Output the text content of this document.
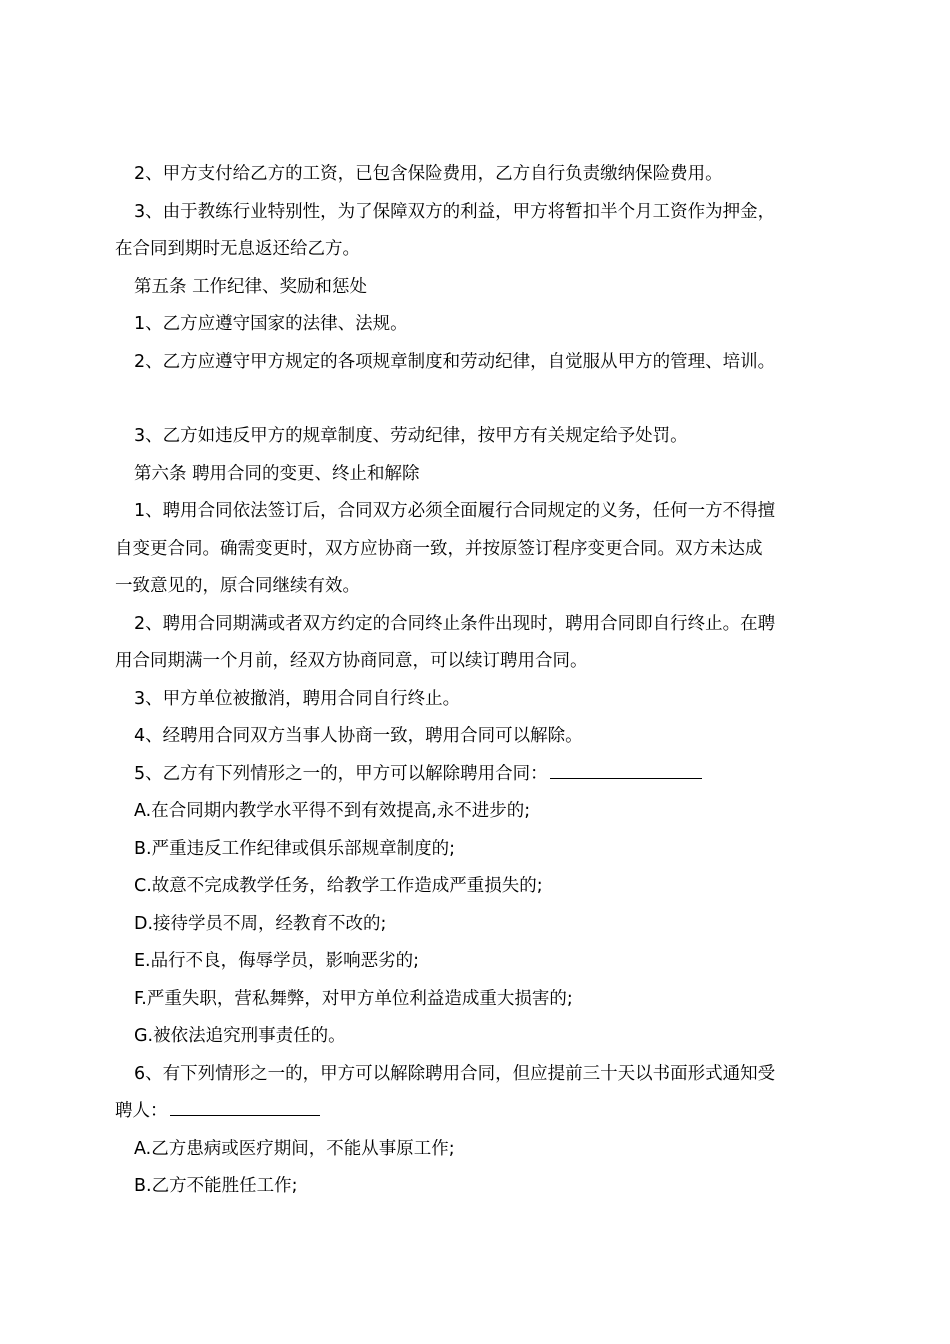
2、甲方支付给乙方的工资，已包含保险费用，乙方自行负责缴纳保险费用。

3、由于教练行业特别性，为了保障双方的利益，甲方将暂扣半个月工资作为押金，

在合同到期时无息返还给乙方。

第五条 工作纪律、奖励和惩处

1、乙方应遵守国家的法律、法规。

2、乙方应遵守甲方规定的各项规章制度和劳动纪律，自觉服从甲方的管理、培训。

3、乙方如违反甲方的规章制度、劳动纪律，按甲方有关规定给予处罚。

第六条 聘用合同的变更、终止和解除

1、聘用合同依法签订后，合同双方必须全面履行合同规定的义务，任何一方不得擅

自变更合同。确需变更时，双方应协商一致，并按原签订程序变更合同。双方未达成

一致意见的，原合同继续有效。

2、聘用合同期满或者双方约定的合同终止条件出现时，聘用合同即自行终止。在聘

用合同期满一个月前，经双方协商同意，可以续订聘用合同。

3、甲方单位被撤消，聘用合同自行终止。

4、经聘用合同双方当事人协商一致，聘用合同可以解除。

5、乙方有下列情形之一的，甲方可以解除聘用合同：

A.在合同期内教学水平得不到有效提高,永不进步的;

B.严重违反工作纪律或俱乐部规章制度的;

C.故意不完成教学任务，给教学工作造成严重损失的;

D.接待学员不周，经教育不改的;

E.品行不良，侮辱学员，影响恶劣的;

F.严重失职，营私舞弊，对甲方单位利益造成重大损害的;

G.被依法追究刑事责任的。

6、有下列情形之一的，甲方可以解除聘用合同，但应提前三十天以书面形式通知受

聘人：

A.乙方患病或医疗期间，不能从事原工作;

B.乙方不能胜任工作;
